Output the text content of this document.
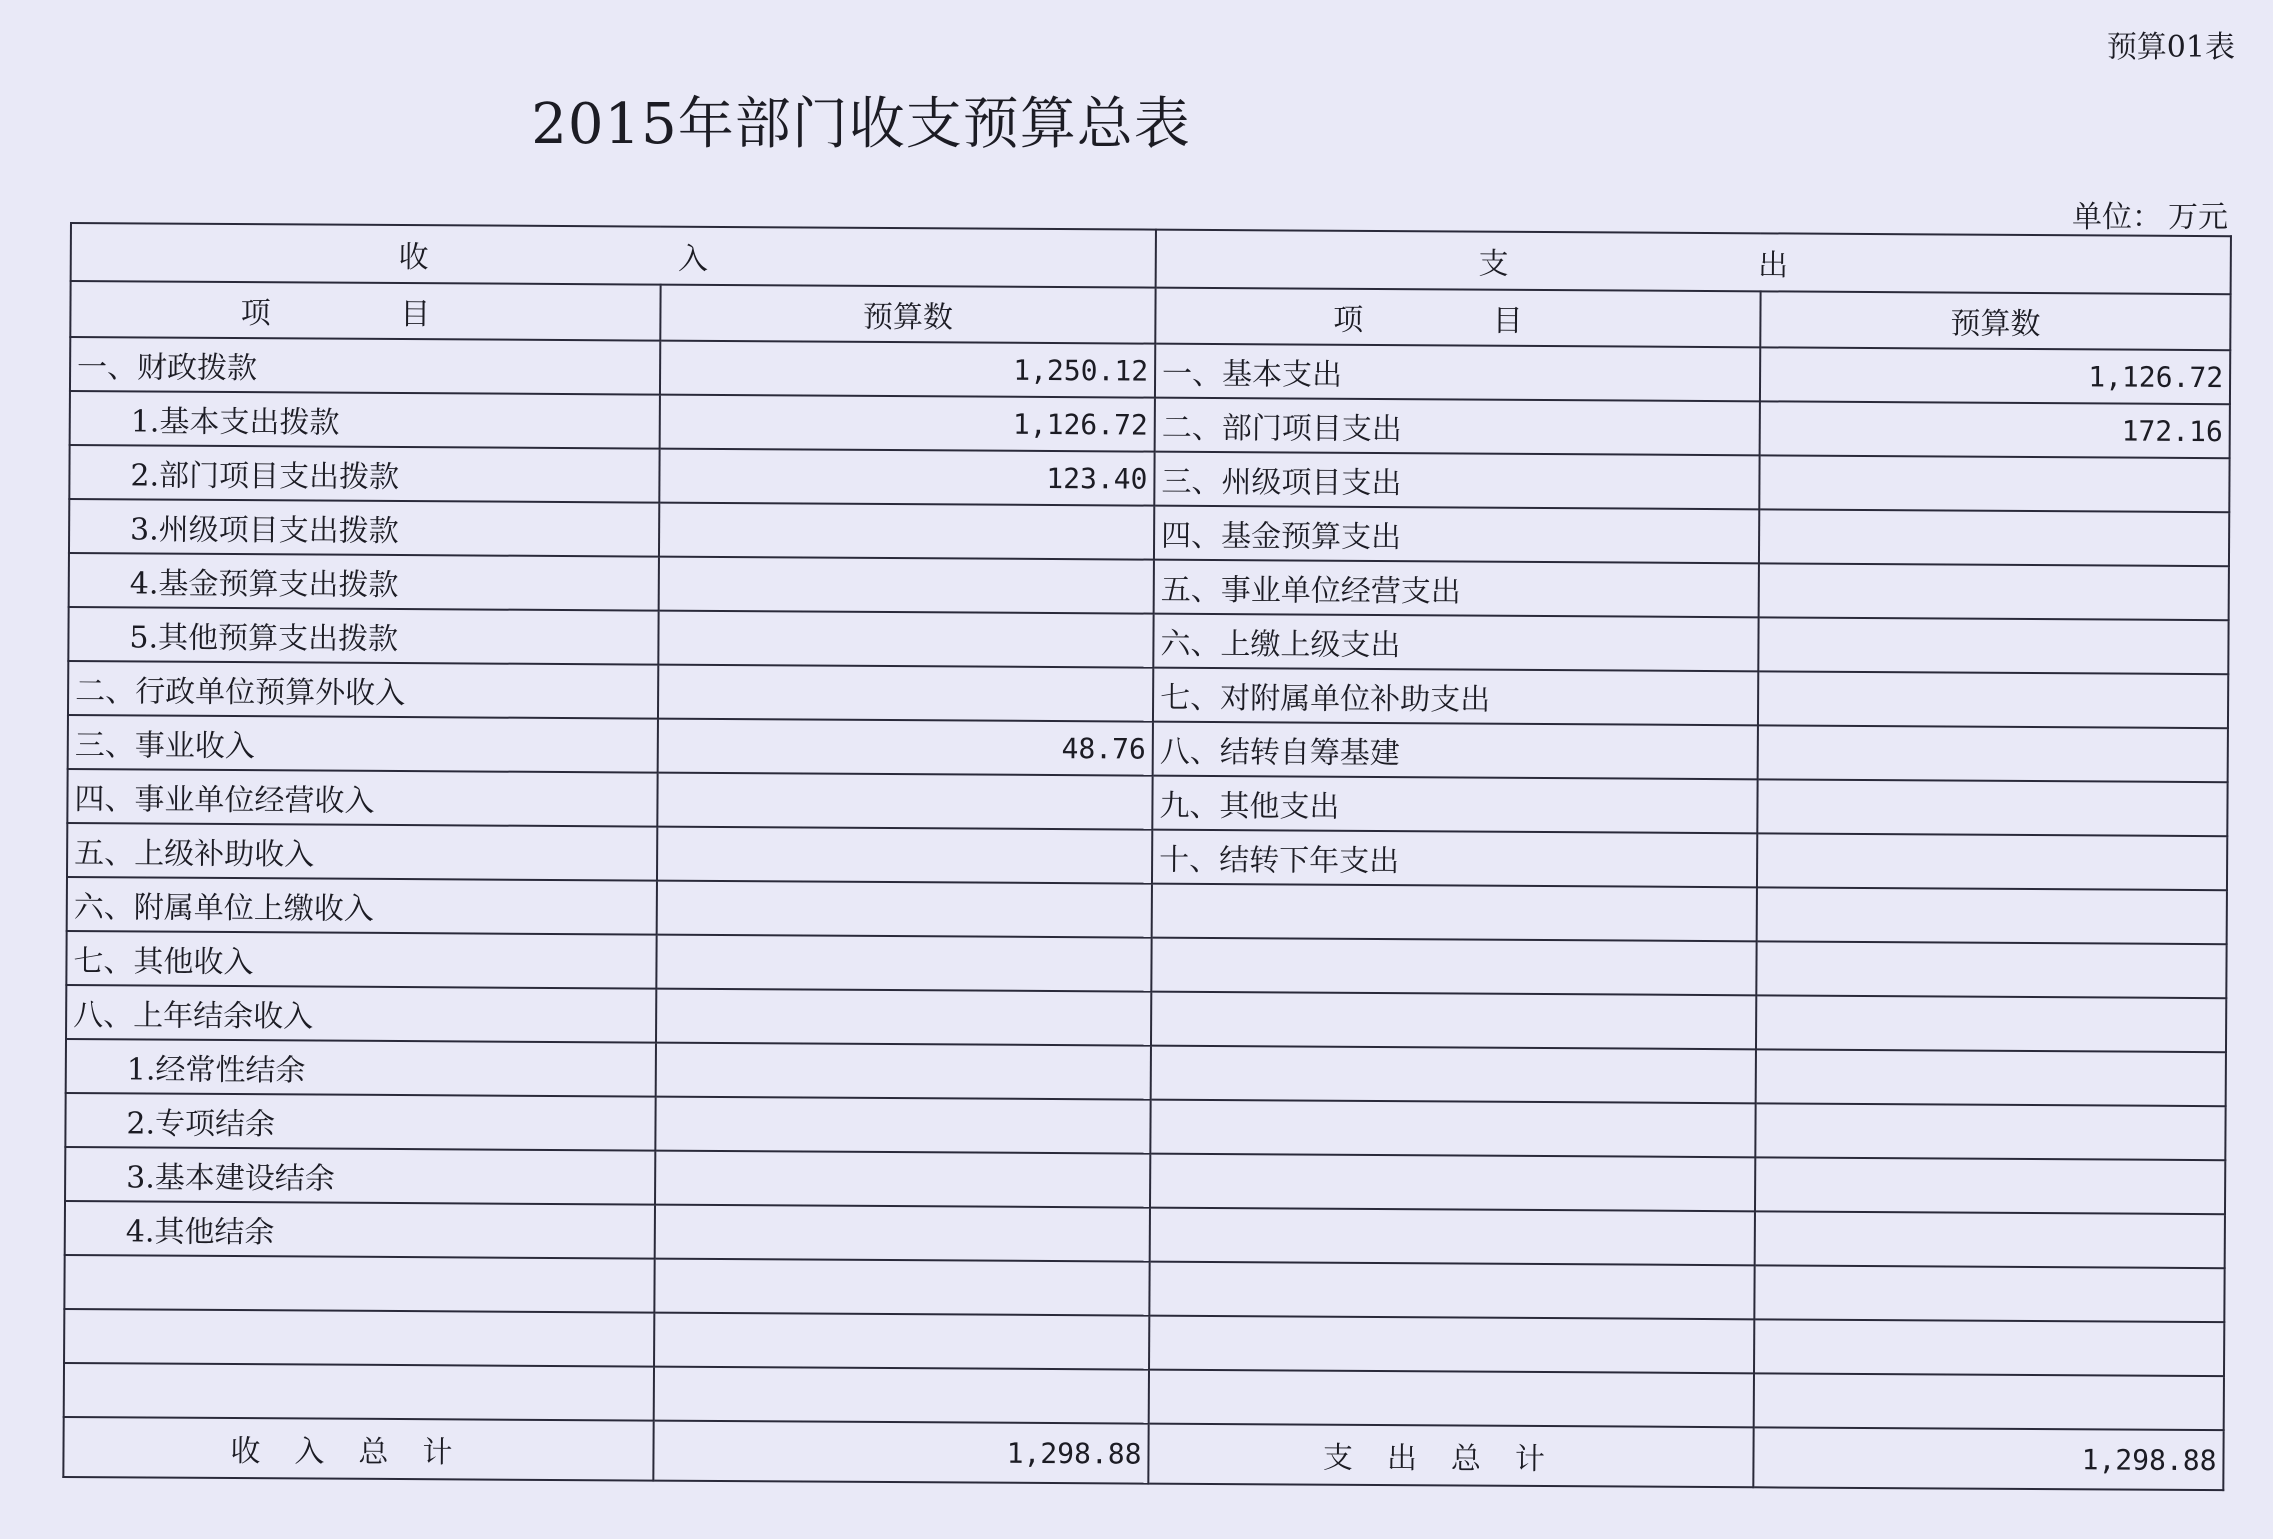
预算01表
2015年部门收支预算总表
单位： 万元
收 入		支 出	
项 目	预算数	项 目	预算数
一、财政拨款	1,250.12	一、基本支出	1,126.72
1.基本支出拨款	1,126.72	二、部门项目支出	172.16
2.部门项目支出拨款	123.40	三、州级项目支出	
3.州级项目支出拨款		四、基金预算支出	
4.基金预算支出拨款		五、事业单位经营支出	
5.其他预算支出拨款		六、上缴上级支出	
二、行政单位预算外收入		七、对附属单位补助支出	
三、事业收入	48.76	八、结转自筹基建	
四、事业单位经营收入		九、其他支出	
五、上级补助收入		十、结转下年支出	
六、附属单位上缴收入			
七、其他收入			
八、上年结余收入			
1.经常性结余			
2.专项结余			
3.基本建设结余			
4.其他结余			

收入总计	1,298.88	支出总计	1,298.88
